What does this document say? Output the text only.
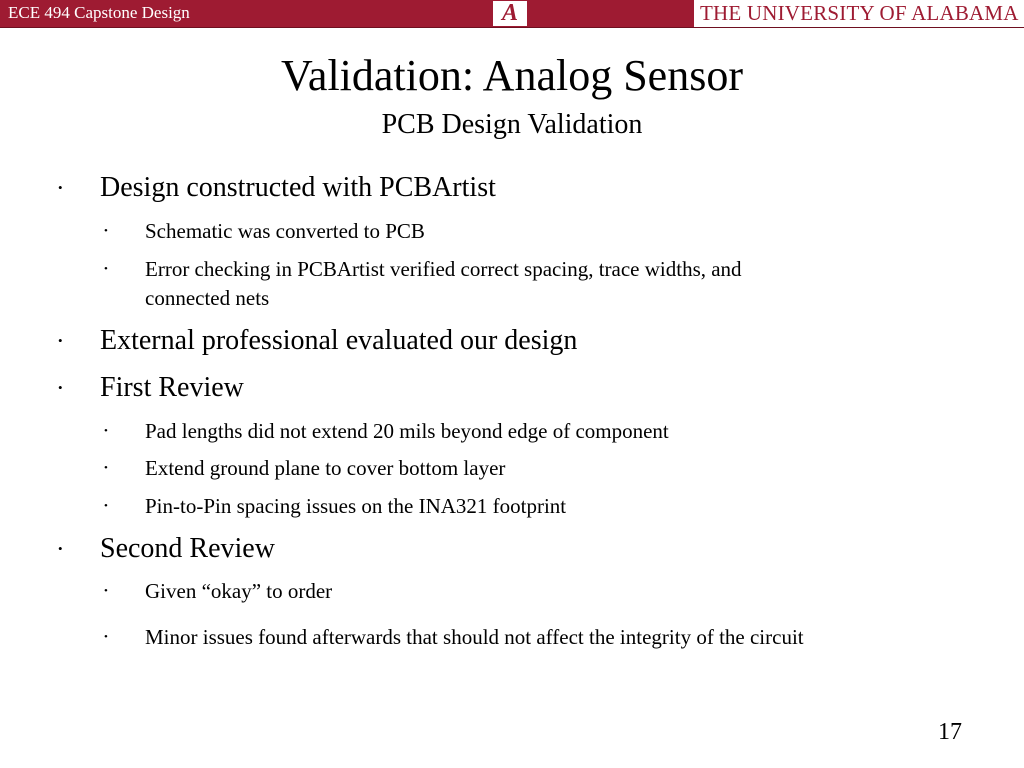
ECE 494 Capstone Design	A	THE UNIVERSITY OF ALABAMA
Validation: Analog Sensor
PCB Design Validation
• Design constructed with PCBArtist
• Schematic was converted to PCB
• Error checking in PCBArtist verified correct spacing, trace widths, and
connected nets
• External professional evaluated our design
• First Review
• Pad lengths did not extend 20 mils beyond edge of component
• Extend ground plane to cover bottom layer
• Pin-to-Pin spacing issues on the INA321 footprint
• Second Review
• Given “okay” to order
• Minor issues found afterwards that should not affect the integrity of the circuit
17
